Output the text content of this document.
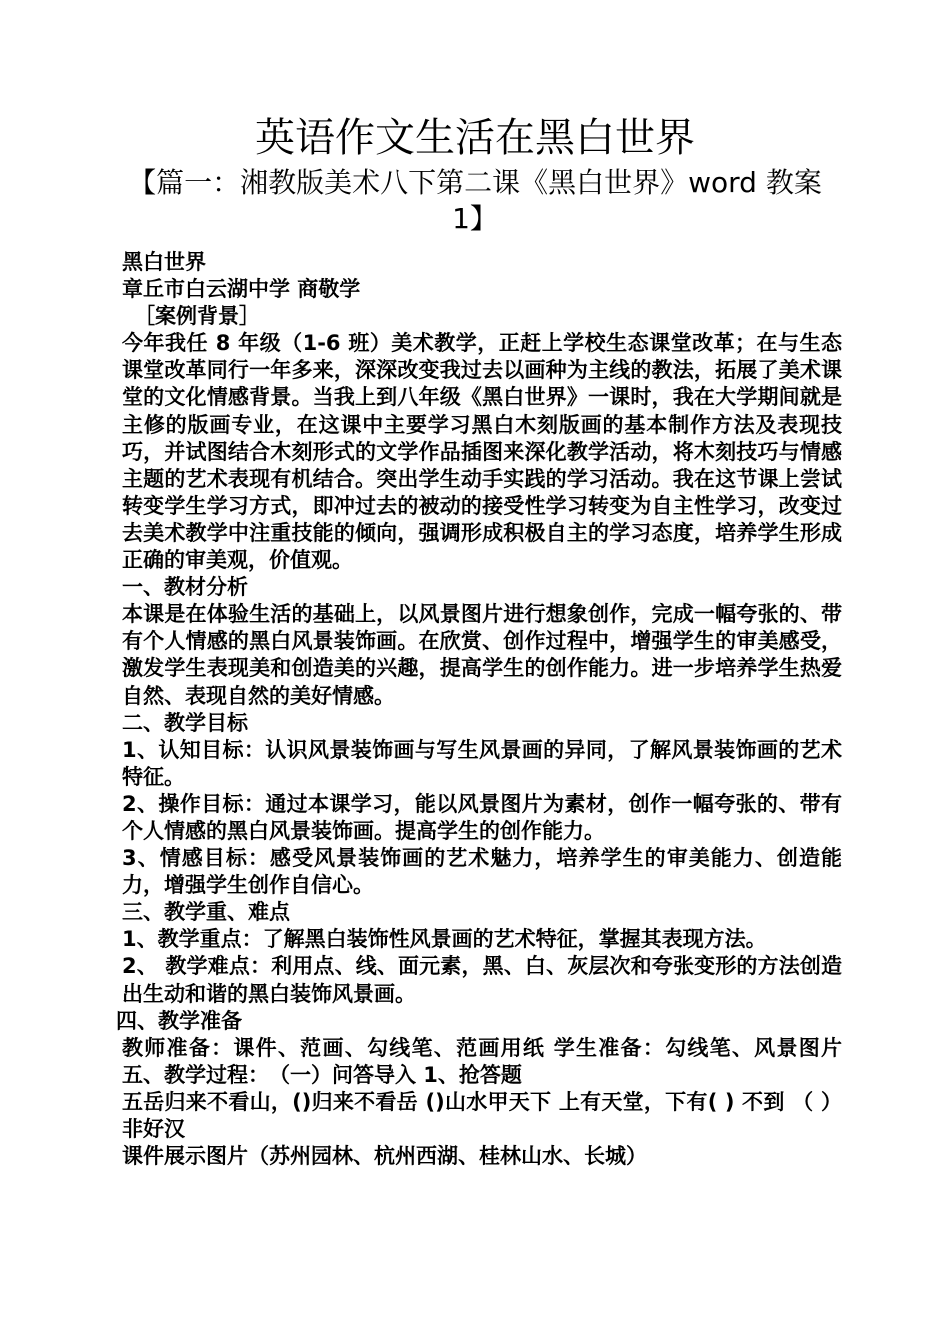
英语作文生活在黑白世界
【篇一：湘教版美术八下第二课《黑白世界》word 教案 1】

黑白世界

章丘市白云湖中学 商敬学

［案例背景］

今年我任 8 年级（1-6 班）美术教学，正赶上学校生态课堂改革；在与生态课堂改革同行一年多来，深深改变我过去以画种为主线的教法，拓展了美术课堂的文化情感背景。当我上到八年级《黑白世界》一课时，我在大学期间就是主修的版画专业，在这课中主要学习黑白木刻版画的基本制作方法及表现技巧，并试图结合木刻形式的文学作品插图来深化教学活动，将木刻技巧与情感主题的艺术表现有机结合。突出学生动手实践的学习活动。我在这节课上尝试转变学生学习方式，即冲过去的被动的接受性学习转变为自主性学习，改变过去美术教学中注重技能的倾向，强调形成积极自主的学习态度，培养学生形成正确的审美观，价值观。

一、教材分析

本课是在体验生活的基础上，以风景图片进行想象创作，完成一幅夸张的、带有个人情感的黑白风景装饰画。在欣赏、创作过程中，增强学生的审美感受，激发学生表现美和创造美的兴趣，提高学生的创作能力。进一步培养学生热爱自然、表现自然的美好情感。

二、教学目标

1、认知目标：认识风景装饰画与写生风景画的异同，了解风景装饰画的艺术特征。

2、操作目标：通过本课学习，能以风景图片为素材，创作一幅夸张的、带有个人情感的黑白风景装饰画。提高学生的创作能力。

3、情感目标：感受风景装饰画的艺术魅力，培养学生的审美能力、创造能力，增强学生创作自信心。

三、教学重、难点

1、教学重点：了解黑白装饰性风景画的艺术特征，掌握其表现方法。

2、 教学难点：利用点、线、面元素，黑、白、灰层次和夸张变形的方法创造出生动和谐的黑白装饰风景画。

四、教学准备

教师准备：课件、范画、勾线笔、范画用纸 学生准备：勾线笔、风景图片 五、教学过程：　（一）问答导入 1、抢答题

五岳归来不看山，()归来不看岳 ()山水甲天下 上有天堂，下有( ) 不到 （ ） 非好汉

课件展示图片（苏州园林、杭州西湖、桂林山水、长城）
